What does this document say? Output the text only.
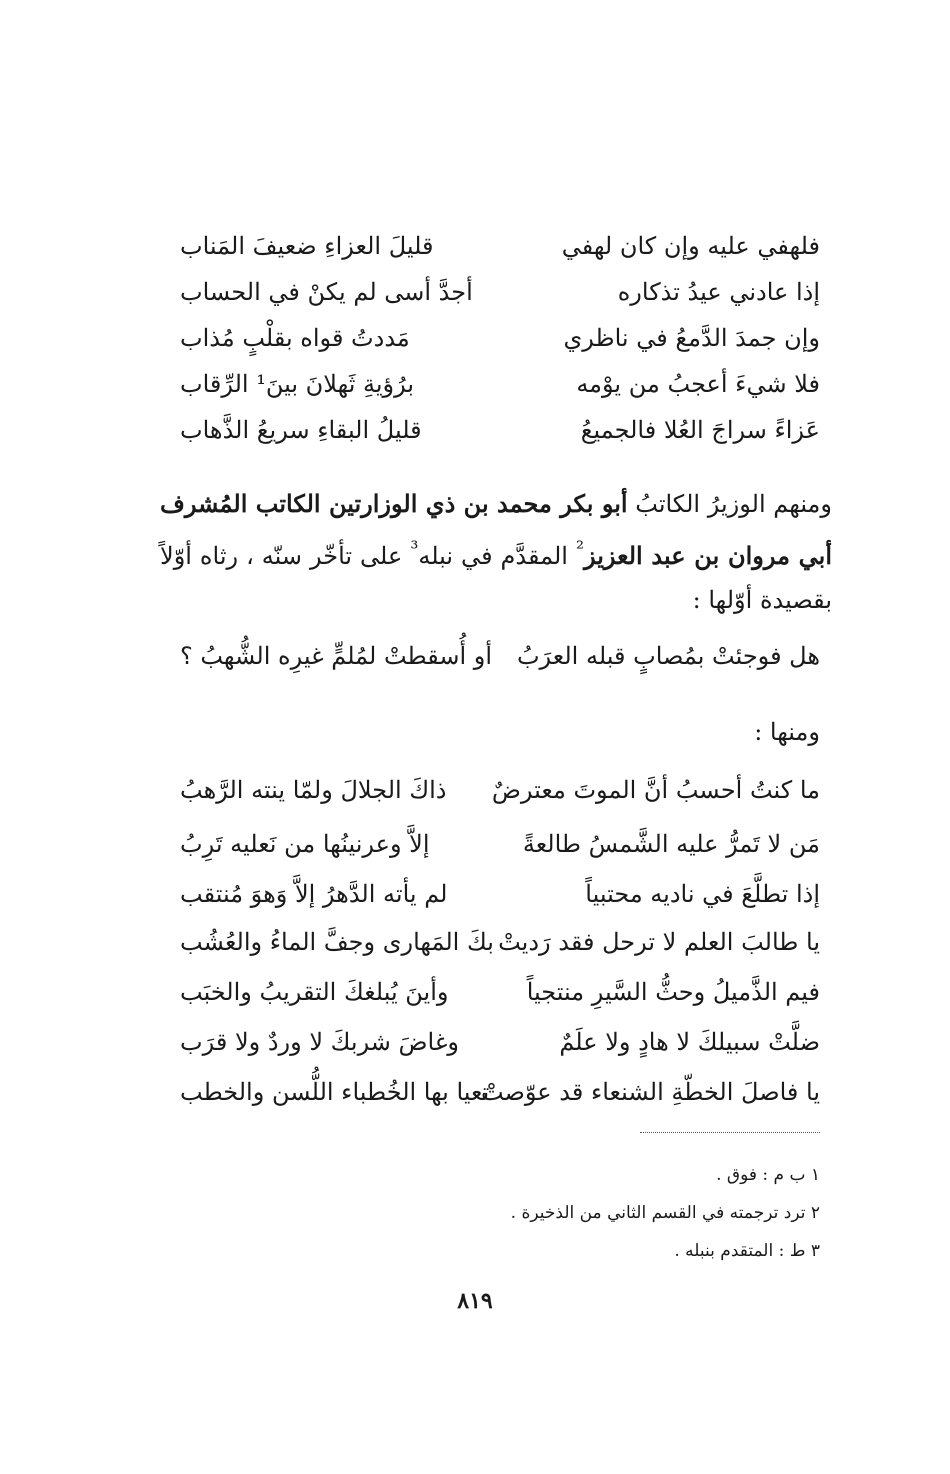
فلهفي عليه وإن كان لهفي
قليلَ العزاءِ ضعيفَ المَناب
إذا عادني عيدُ تذكاره
أجدَّ أسى لم يكنْ في الحساب
وإن جمدَ الدَّمعُ في ناظري
مَددتُ قواه بقلْبٍ مُذاب
فلا شيءَ أعجبُ من يوْمه
برُؤيةِ ثَهلانَ بينَ¹ الرِّقاب
عَزاءً سراجَ العُلا فالجميعُ
قليلُ البقاءِ سريعُ الذَّهاب
ومنهم الوزيرُ الكاتبُ أبو بكر محمد بن ذي الوزارتين الكاتب المُشرف أبي مروان بن عبد العزيز$^{^2}$ المقدَّم في نبله$^{^3}$ على تأخّر سنّه ، رثاه أوّلاً بقصيدة أوّلها :
هل فوجئتْ بمُصابٍ قبله العرَبُ
أو أُسقطتْ لمُلمٍّ غيرِه الشُّهبُ ؟
ومنها :
ما كنتُ أحسبُ أنَّ الموتَ معترضٌ
ذاكَ الجلالَ ولمّا ينته الرَّهبُ
مَن لا تَمرُّ عليه الشَّمسُ طالعةً
إلاَّ وعرنينُها من نَعليه تَرِبُ
إذا تطلَّعَ في ناديه محتبياً
لم يأته الدَّهرُ إلاَّ وَهوَ مُنتقب
يا طالبَ العلم لا ترحل فقد رَديتْ
بكَ المَهارى وجفَّ الماءُ والعُشُب
فيم الذَّميلُ وحثُّ السَّيرِ منتجياً
وأينَ يُبلغكَ التقريبُ والخبَب
ضلَّتْ سبيلكَ لا هادٍ ولا علَمٌ
وغاضَ شربكَ لا وردٌ ولا قرَب
يا فاصلَ الخطّةِ الشنعاء قد عوّصتْ
تعيا بها الخُطباء اللُّسن والخطب
١ ب م : فوق .
٢ ترد ترجمته في القسم الثاني من الذخيرة .
٣ ط : المتقدم بنبله .
٨١٩
